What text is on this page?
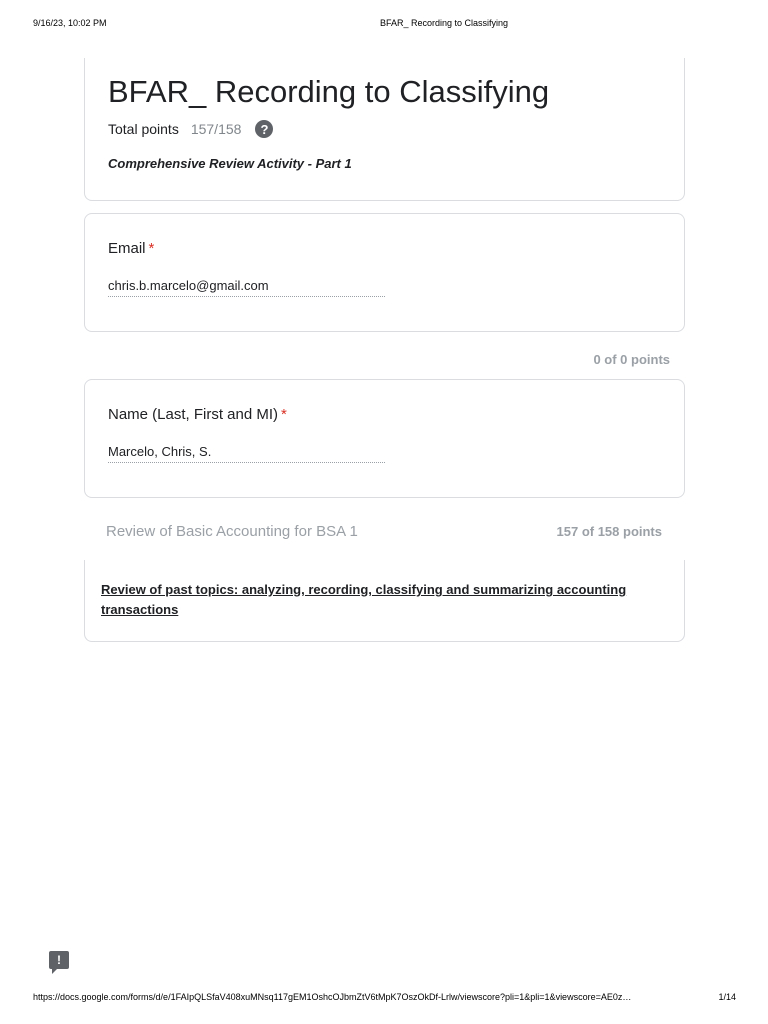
9/16/23, 10:02 PM	BFAR_ Recording to Classifying
BFAR_ Recording to Classifying
Total points 157/158	?
Comprehensive Review Activity - Part 1
Email *
chris.b.marcelo@gmail.com
0 of 0 points
Name (Last, First and MI) *
Marcelo, Chris, S.
Review of Basic Accounting for BSA 1	157 of 158 points
Review of past topics: analyzing, recording, classifying and summarizing accounting transactions
!
https://docs.google.com/forms/d/e/1FAIpQLSfaV408xuMNsq117gEM1OshcOJbmZtV6tMpK7OszOkDf-Lrlw/viewscore?pli=1&pli=1&viewscore=AE0z…	1/14
